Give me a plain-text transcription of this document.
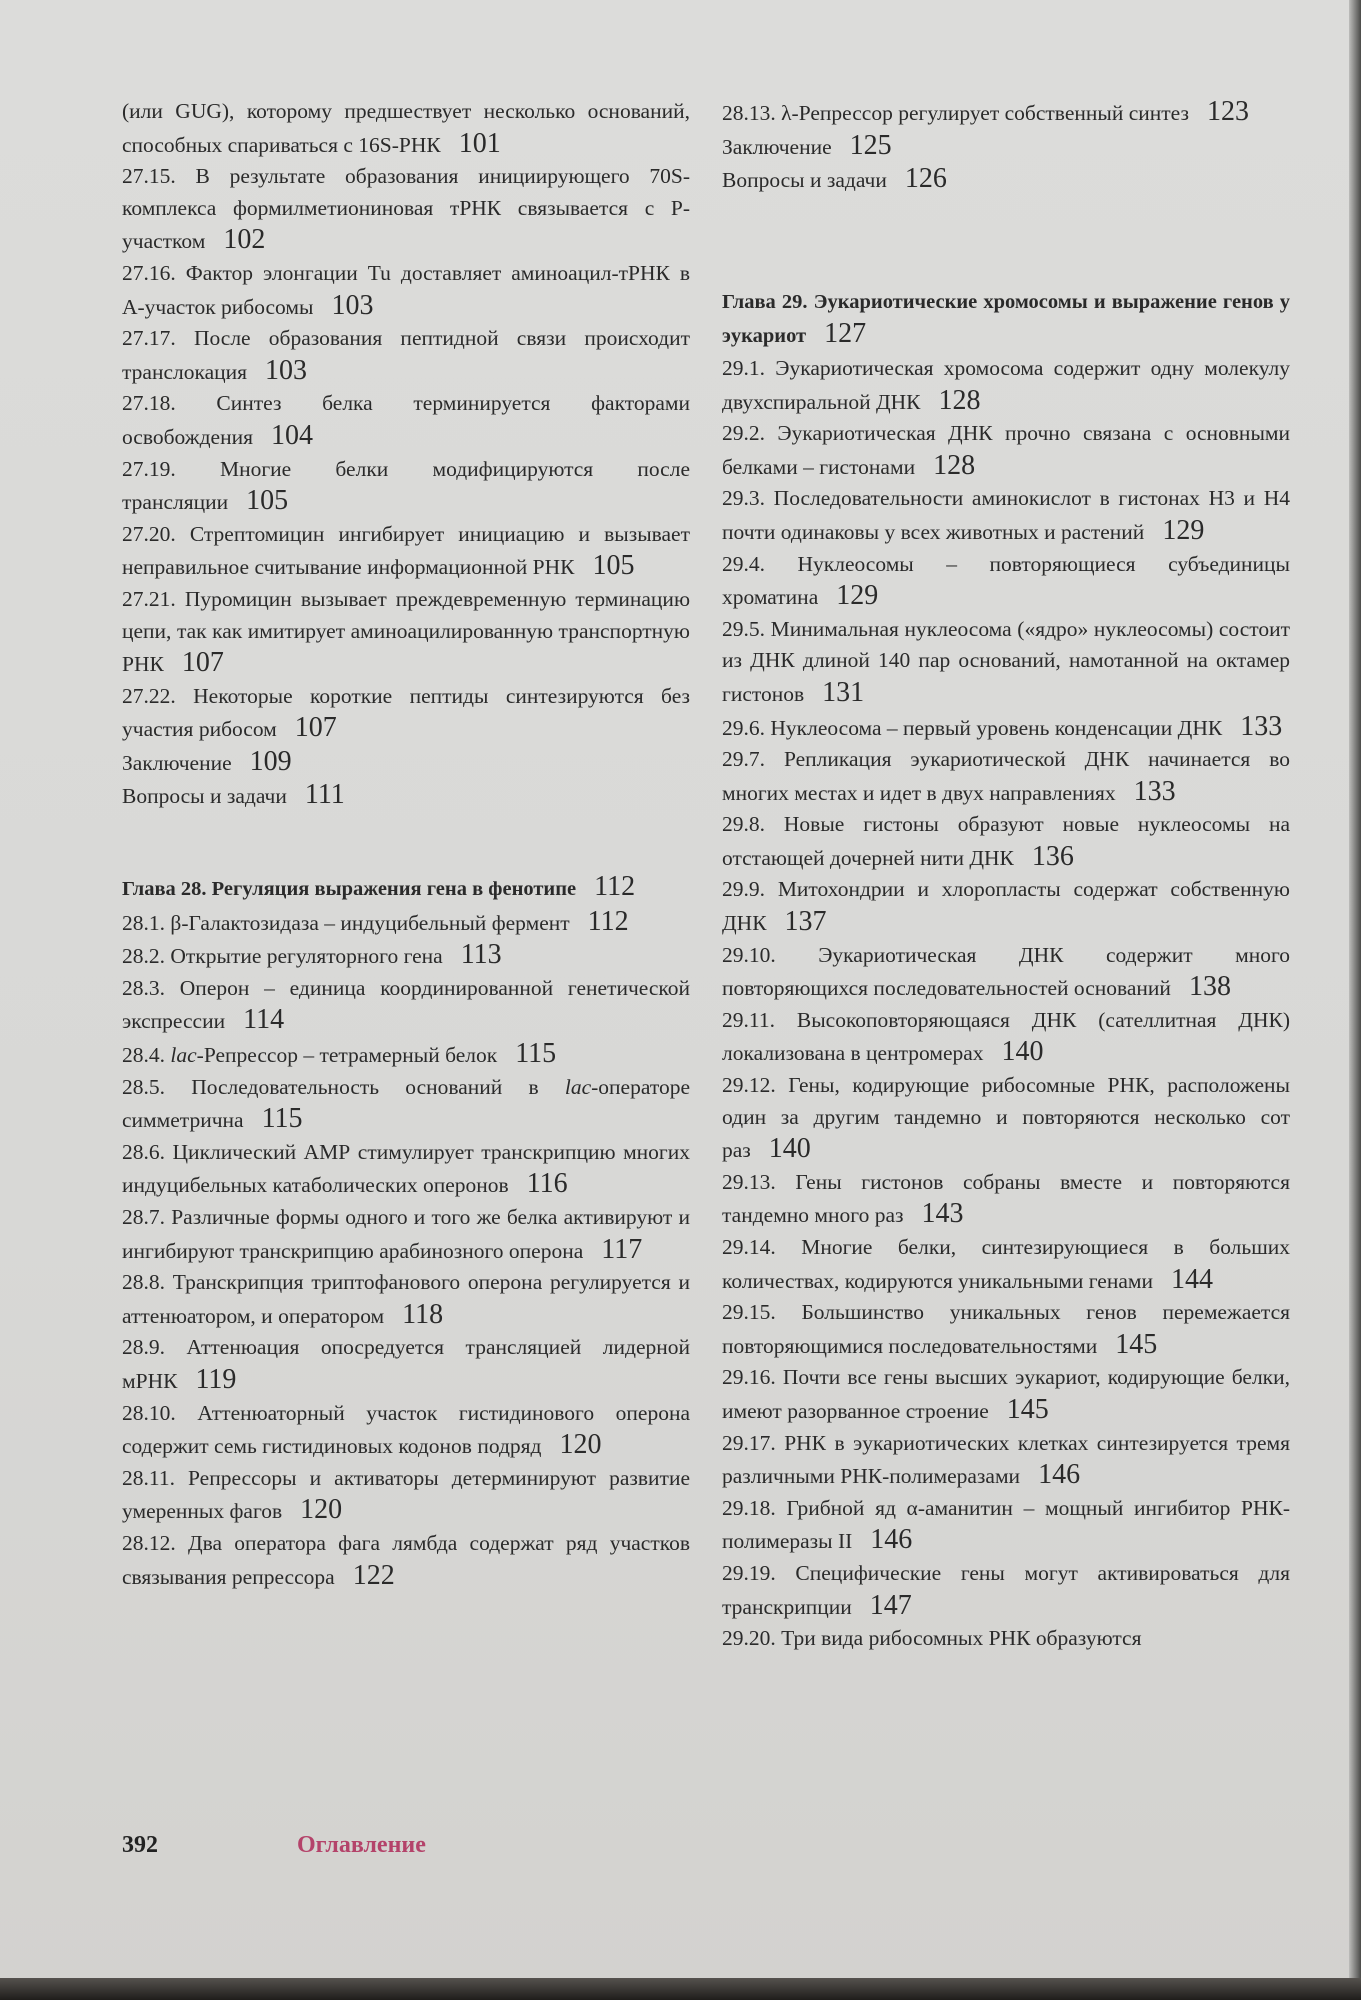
(или GUG), которому предшествует несколько оснований, способных спариваться с 16S-РНК 101
27.15. В результате образования инициирующего 70S-комплекса формилметиониновая тРНК связывается с Р-участком 102
27.16. Фактор элонгации Tu доставляет аминоацил-тРНК в А-участок рибосомы 103
27.17. После образования пептидной связи происходит транслокация 103
27.18. Синтез белка терминируется факторами освобождения 104
27.19. Многие белки модифицируются после трансляции 105
27.20. Стрептомицин ингибирует инициацию и вызывает неправильное считывание информационной РНК 105
27.21. Пуромицин вызывает преждевременную терминацию цепи, так как имитирует аминоацилированную транспортную РНК 107
27.22. Некоторые короткие пептиды синтезируются без участия рибосом 107
Заключение 109
Вопросы и задачи 111
Глава 28. Регуляция выражения гена в фенотипе 112
28.1. β-Галактозидаза – индуцибельный фермент 112
28.2. Открытие регуляторного гена 113
28.3. Оперон – единица координированной генетической экспрессии 114
28.4. lac-Репрессор – тетрамерный белок 115
28.5. Последовательность оснований в lac-операторе симметрична 115
28.6. Циклический АМР стимулирует транскрипцию многих индуцибельных катаболических оперонов 116
28.7. Различные формы одного и того же белка активируют и ингибируют транскрипцию арабинозного оперона 117
28.8. Транскрипция триптофанового оперона регулируется и аттенюатором, и оператором 118
28.9. Аттенюация опосредуется трансляцией лидерной мРНК 119
28.10. Аттенюаторный участок гистидинового оперона содержит семь гистидиновых кодонов подряд 120
28.11. Репрессоры и активаторы детерминируют развитие умеренных фагов 120
28.12. Два оператора фага лямбда содержат ряд участков связывания репрессора 122
28.13. λ-Репрессор регулирует собственный синтез 123
Заключение 125
Вопросы и задачи 126
Глава 29. Эукариотические хромосомы и выражение генов у эукариот 127
29.1. Эукариотическая хромосома содержит одну молекулу двухспиральной ДНК 128
29.2. Эукариотическая ДНК прочно связана с основными белками – гистонами 128
29.3. Последовательности аминокислот в гистонах Н3 и Н4 почти одинаковы у всех животных и растений 129
29.4. Нуклеосомы – повторяющиеся субъединицы хроматина 129
29.5. Минимальная нуклеосома («ядро» нуклеосомы) состоит из ДНК длиной 140 пар оснований, намотанной на октамер гистонов 131
29.6. Нуклеосома – первый уровень конденсации ДНК 133
29.7. Репликация эукариотической ДНК начинается во многих местах и идет в двух направлениях 133
29.8. Новые гистоны образуют новые нуклеосомы на отстающей дочерней нити ДНК 136
29.9. Митохондрии и хлоропласты содержат собственную ДНК 137
29.10. Эукариотическая ДНК содержит много повторяющихся последовательностей оснований 138
29.11. Высокоповторяющаяся ДНК (сателлитная ДНК) локализована в центромерах 140
29.12. Гены, кодирующие рибосомные РНК, расположены один за другим тандемно и повторяются несколько сот раз 140
29.13. Гены гистонов собраны вместе и повторяются тандемно много раз 143
29.14. Многие белки, синтезирующиеся в больших количествах, кодируются уникальными генами 144
29.15. Большинство уникальных генов перемежается повторяющимися последовательностями 145
29.16. Почти все гены высших эукариот, кодирующие белки, имеют разорванное строение 145
29.17. РНК в эукариотических клетках синтезируется тремя различными РНК-полимеразами 146
29.18. Грибной яд α-аманитин – мощный ингибитор РНК-полимеразы II 146
29.19. Специфические гены могут активироваться для транскрипции 147
29.20. Три вида рибосомных РНК образуются
392	Оглавление
